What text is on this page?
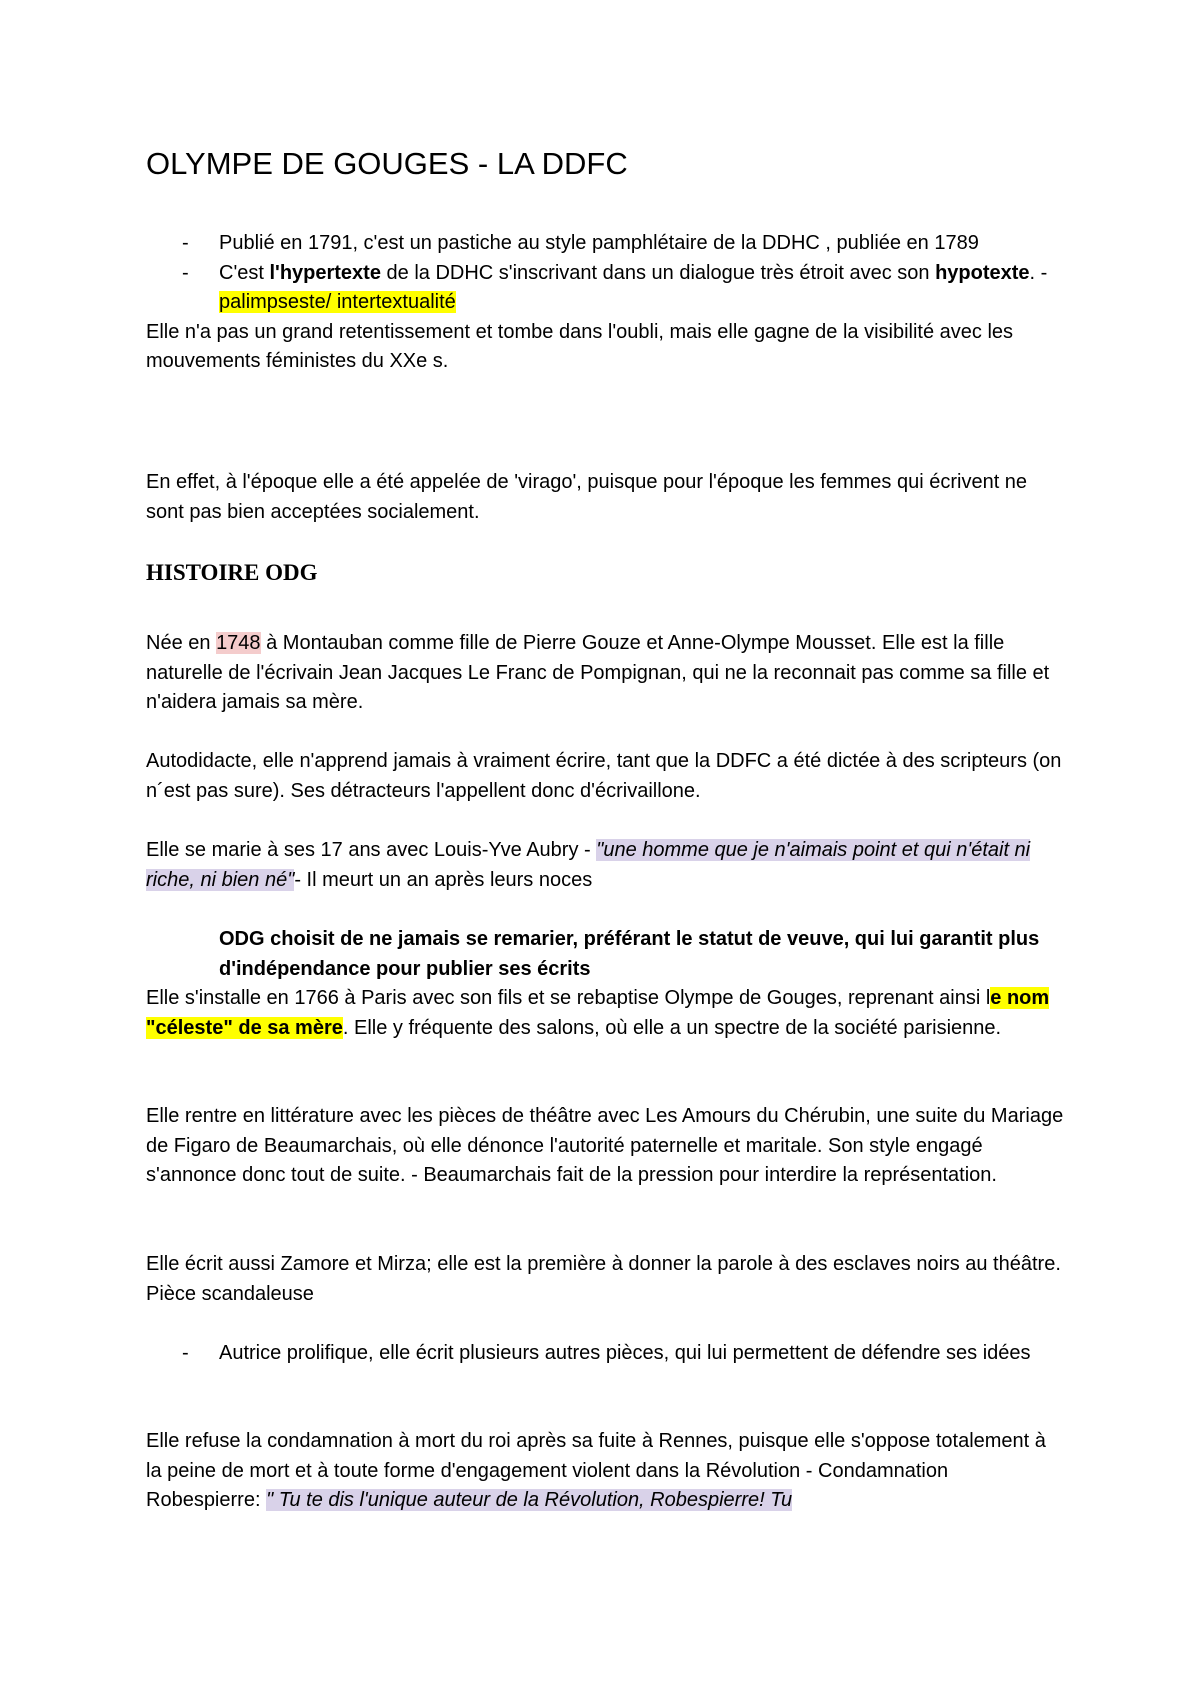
OLYMPE DE GOUGES - LA DDFC
- Publié en 1791, c'est un pastiche au style pamphlétaire de la DDHC , publiée en 1789
- C'est l'hypertexte de la DDHC s'inscrivant dans un dialogue très étroit avec son hypotexte. - palimpseste/ intertextualité

Elle n'a pas un grand retentissement et tombe dans l'oubli, mais elle gagne de la visibilité avec les mouvements féministes du XXe s.

En effet, à l'époque elle a été appelée de 'virago', puisque pour l'époque les femmes qui écrivent ne sont pas bien acceptées socialement.

HISTOIRE ODG

Née en 1748 à Montauban comme fille de Pierre Gouze et Anne-Olympe Mousset. Elle est la fille naturelle de l'écrivain Jean Jacques Le Franc de Pompignan, qui ne la reconnait pas comme sa fille et n'aidera jamais sa mère.

Autodidacte, elle n'apprend jamais à vraiment écrire, tant que la DDFC a été dictée à des scripteurs (on n´est pas sure). Ses détracteurs l'appellent donc d'écrivaillone.

Elle se marie à ses 17 ans avec Louis-Yve Aubry - "une homme que je n'aimais point et qui n'était ni riche, ni bien né"- Il meurt un an après leurs noces

ODG choisit de ne jamais se remarier, préférant le statut de veuve, qui lui garantit plus d'indépendance pour publier ses écrits

Elle s'installe en 1766 à Paris avec son fils et se rebaptise Olympe de Gouges, reprenant ainsi le nom "céleste" de sa mère. Elle y fréquente des salons, où elle a un spectre de la société parisienne.

Elle rentre en littérature avec les pièces de théâtre avec Les Amours du Chérubin, une suite du Mariage de Figaro de Beaumarchais, où elle dénonce l'autorité paternelle et maritale. Son style engagé s'annonce donc tout de suite. - Beaumarchais fait de la pression pour interdire la représentation.

Elle écrit aussi Zamore et Mirza; elle est la première à donner la parole à des esclaves noirs au théâtre. Pièce scandaleuse

- Autrice prolifique, elle écrit plusieurs autres pièces, qui lui permettent de défendre ses idées

Elle refuse la condamnation à mort du roi après sa fuite à Rennes, puisque elle s'oppose totalement à la peine de mort et à toute forme d'engagement violent dans la Révolution - Condamnation Robespierre: " Tu te dis l'unique auteur de la Révolution, Robespierre! Tu
